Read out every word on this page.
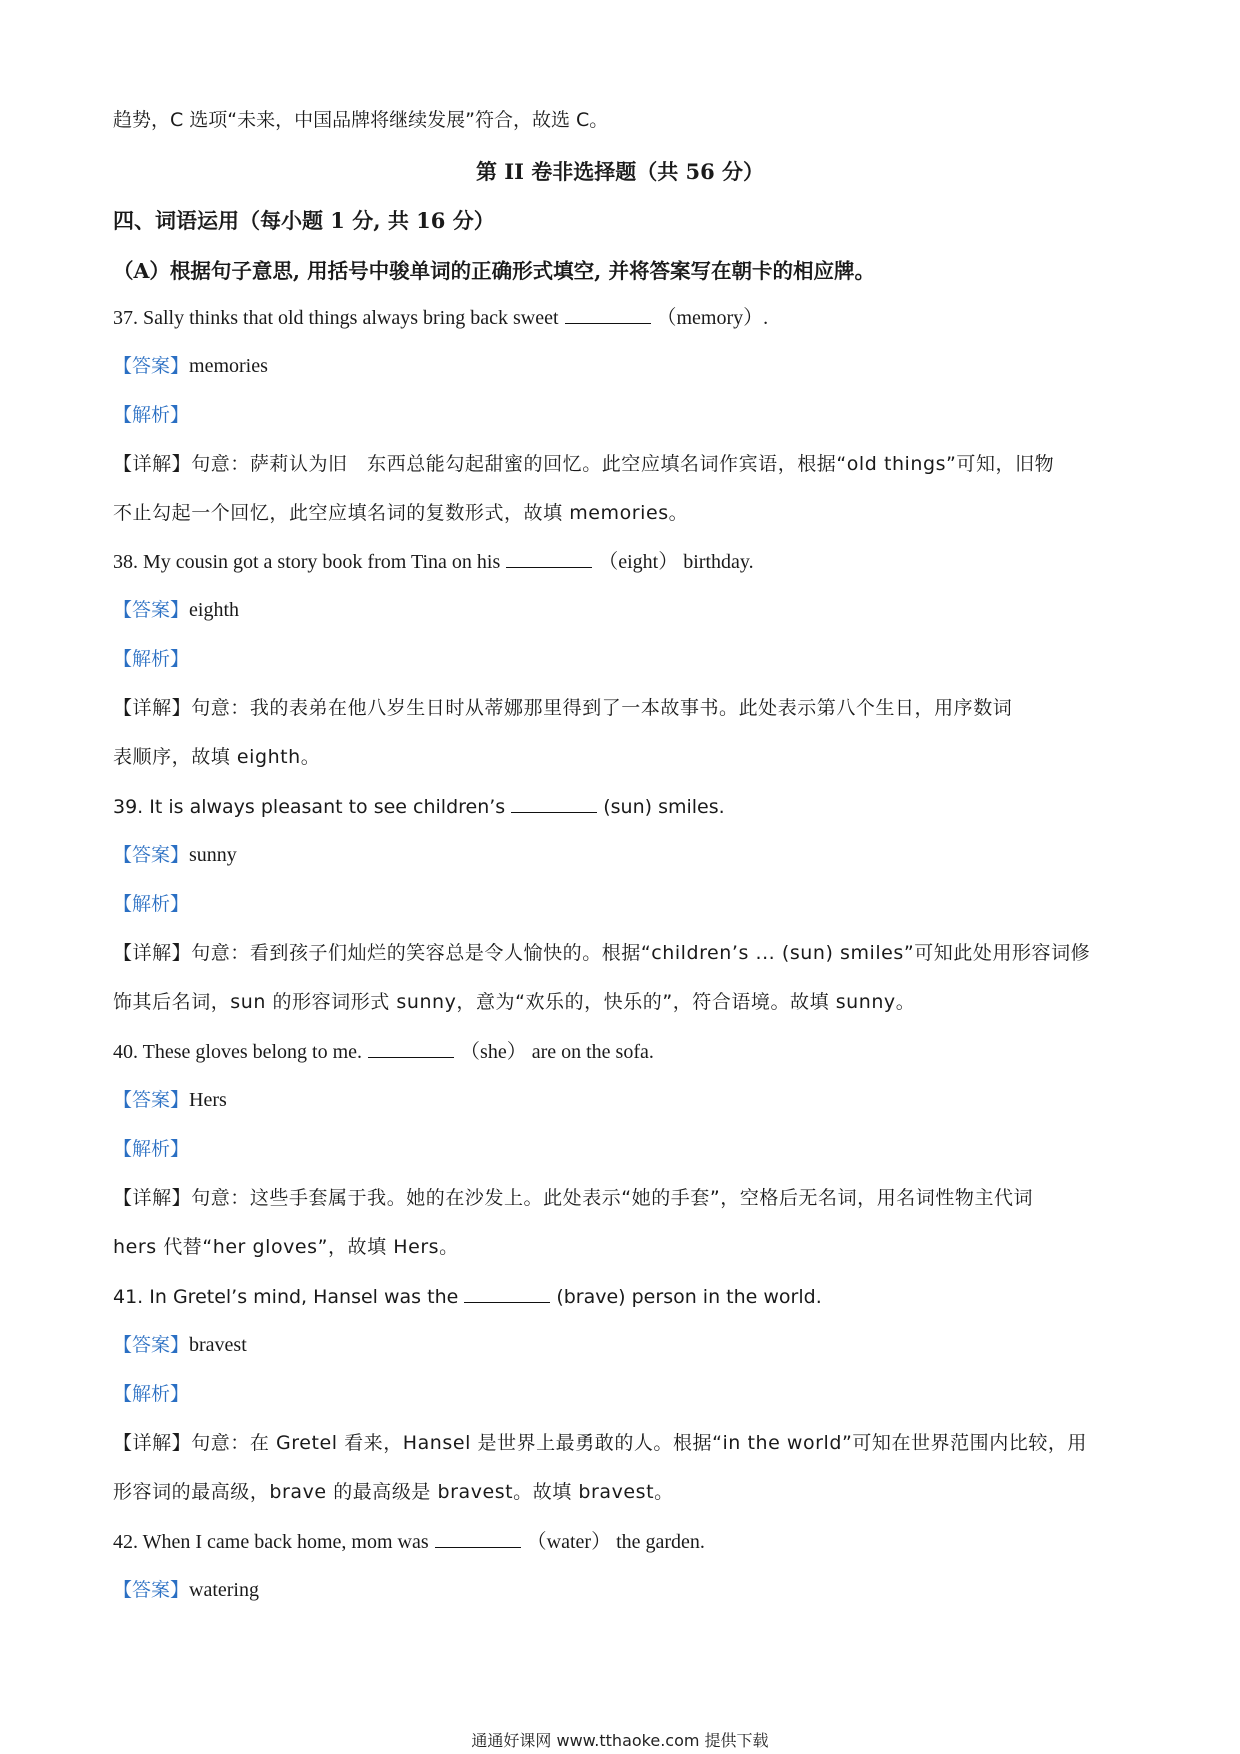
趋势，C 选项“未来，中国品牌将继续发展”符合，故选 C。
第 II 卷非选择题（共 56 分）
四、词语运用（每小题 1 分, 共 16 分）
（A）根据句子意思, 用括号中骏单词的正确形式填空, 并将答案写在朝卡的相应牌。
37. Sally thinks that old things always bring back sweet	（memory）.
【答案】memories
【解析】
【详解】句意：萨莉认为旧　东西总能勾起甜蜜的回忆。此空应填名词作宾语，根据“old things”可知，旧物
不止勾起一个回忆，此空应填名词的复数形式，故填 memories。
38. My cousin got a story book from Tina on his	（eight） birthday.
【答案】eighth
【解析】
【详解】句意：我的表弟在他八岁生日时从蒂娜那里得到了一本故事书。此处表示第八个生日，用序数词
表顺序，故填 eighth。
39. It is always pleasant to see children’s	(sun) smiles.
【答案】sunny
【解析】
【详解】句意：看到孩子们灿烂的笑容总是令人愉快的。根据“children’s ... (sun) smiles”可知此处用形容词修
饰其后名词，sun 的形容词形式 sunny，意为“欢乐的，快乐的”，符合语境。故填 sunny。
40. These gloves belong to me.	（she） are on the sofa.
【答案】Hers
【解析】
【详解】句意：这些手套属于我。她的在沙发上。此处表示“她的手套”，空格后无名词，用名词性物主代词
hers 代替“her gloves”，故填 Hers。
41. In Gretel’s mind, Hansel was the	(brave) person in the world.
【答案】bravest
【解析】
【详解】句意：在 Gretel 看来，Hansel 是世界上最勇敢的人。根据“in the world”可知在世界范围内比较，用
形容词的最高级，brave 的最高级是 bravest。故填 bravest。
42. When I came back home, mom was	（water） the garden.
【答案】watering
通通好课网 www.tthaoke.com 提供下载
